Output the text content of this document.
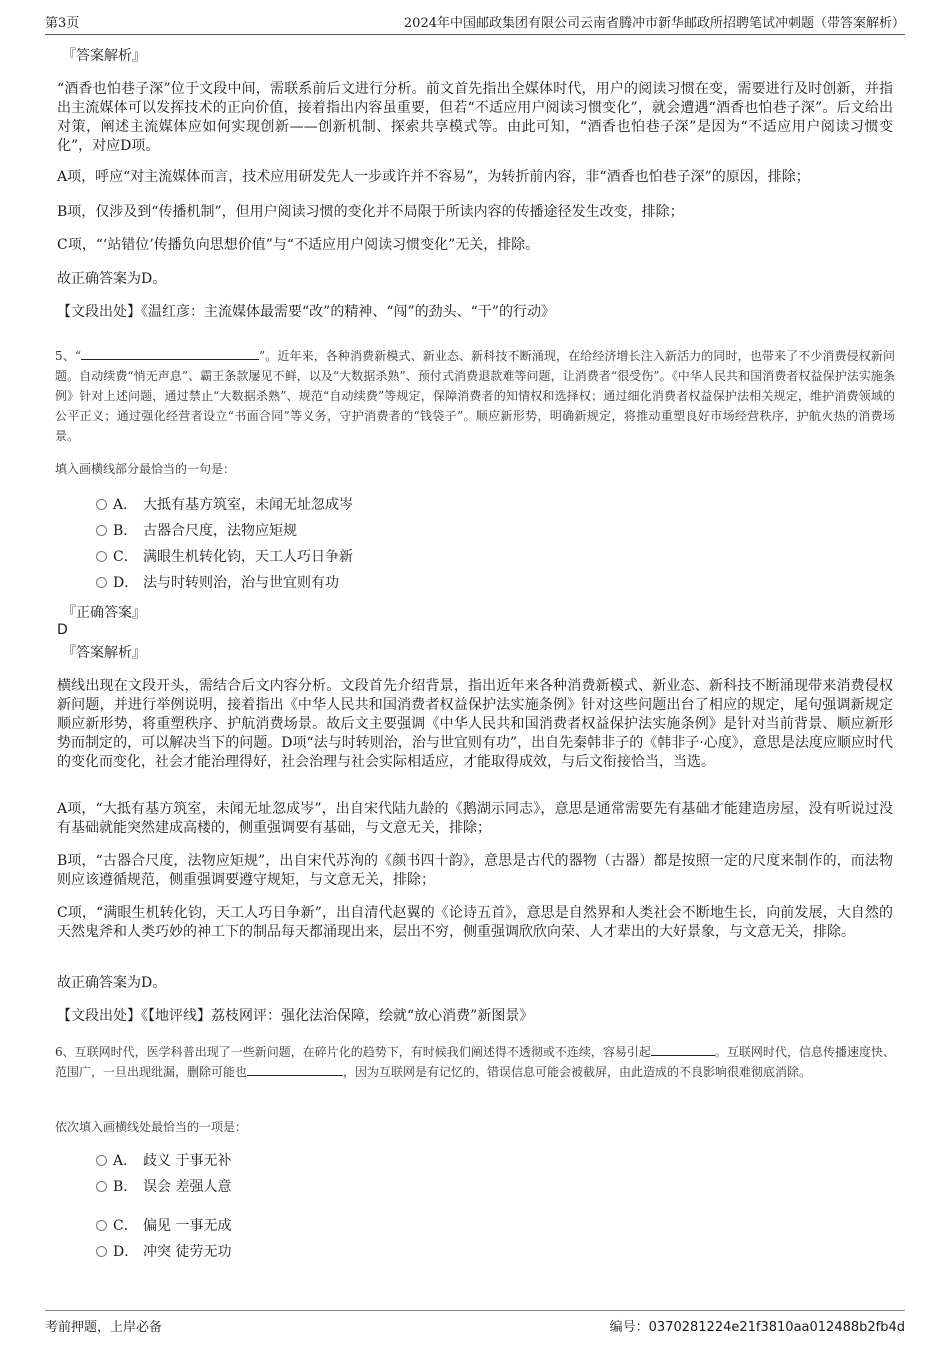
第3页	2024年中国邮政集团有限公司云南省腾冲市新华邮政所招聘笔试冲刺题（带答案解析）

『答案解析』

“酒香也怕巷子深”位于文段中间，需联系前后文进行分析。前文首先指出全媒体时代，用户的阅读习惯在变，需要进行及时创新，并指出主流媒体可以发挥技术的正向价值，接着指出内容虽重要，但若“不适应用户阅读习惯变化”，就会遭遇“酒香也怕巷子深”。后文给出对策，阐述主流媒体应如何实现创新——创新机制、探索共享模式等。由此可知，“酒香也怕巷子深”是因为“不适应用户阅读习惯变化”，对应D项。

A项，呼应“对主流媒体而言，技术应用研发先人一步或许并不容易”，为转折前内容，非“酒香也怕巷子深”的原因，排除；

B项，仅涉及到“传播机制”，但用户阅读习惯的变化并不局限于所读内容的传播途径发生改变，排除；

C项，“‘站错位’传播负向思想价值”与“不适应用户阅读习惯变化”无关，排除。

故正确答案为D。

【文段出处】《温红彦：主流媒体最需要“改”的精神、“闯”的劲头、“干”的行动》

5、“	”。近年来，各种消费新模式、新业态、新科技不断涌现，在给经济增长注入新活力的同时，也带来了不少消费侵权新问题。自动续费“悄无声息”、霸王条款屡见不鲜，以及“大数据杀熟”、预付式消费退款难等问题，让消费者“很受伤”。《中华人民共和国消费者权益保护法实施条例》针对上述问题，通过禁止“大数据杀熟”、规范“自动续费”等规定，保障消费者的知情权和选择权；通过细化消费者权益保护法相关规定，维护消费领域的公平正义；通过强化经营者设立“书面合同”等义务，守护消费者的“钱袋子”。顺应新形势，明确新规定，将推动重塑良好市场经营秩序，护航火热的消费场景。

填入画横线部分最恰当的一句是：

A． 大抵有基方筑室，未闻无址忽成岑
B． 古器合尺度，法物应矩规
C． 满眼生机转化钧，天工人巧日争新
D． 法与时转则治，治与世宜则有功

『正确答案』

D

『答案解析』

横线出现在文段开头，需结合后文内容分析。文段首先介绍背景，指出近年来各种消费新模式、新业态、新科技不断涌现带来消费侵权新问题，并进行举例说明，接着指出《中华人民共和国消费者权益保护法实施条例》针对这些问题出台了相应的规定，尾句强调新规定顺应新形势，将重塑秩序、护航消费场景。故后文主要强调《中华人民共和国消费者权益保护法实施条例》是针对当前背景、顺应新形势而制定的，可以解决当下的问题。D项“法与时转则治，治与世宜则有功”，出自先秦韩非子的《韩非子·心度》，意思是法度应顺应时代的变化而变化，社会才能治理得好，社会治理与社会实际相适应，才能取得成效，与后文衔接恰当，当选。

A项，“大抵有基方筑室，未闻无址忽成岑”，出自宋代陆九龄的《鹅湖示同志》，意思是通常需要先有基础才能建造房屋，没有听说过没有基础就能突然建成高楼的，侧重强调要有基础，与文意无关，排除；

B项，“古器合尺度，法物应矩规”，出自宋代苏洵的《颜书四十韵》，意思是古代的器物（古器）都是按照一定的尺度来制作的，而法物则应该遵循规范，侧重强调要遵守规矩，与文意无关，排除；

C项，“满眼生机转化钧，天工人巧日争新”，出自清代赵翼的《论诗五首》，意思是自然界和人类社会不断地生长，向前发展，大自然的天然鬼斧和人类巧妙的神工下的制品每天都涌现出来，层出不穷，侧重强调欣欣向荣、人才辈出的大好景象，与文意无关，排除。

故正确答案为D。

【文段出处】《【地评线】荔枝网评：强化法治保障，绘就“放心消费”新图景》

6、互联网时代，医学科普出现了一些新问题，在碎片化的趋势下，有时候我们阐述得不透彻或不连续，容易引起	。互联网时代，信息传播速度快、范围广，一旦出现纰漏，删除可能也	，因为互联网是有记忆的，错误信息可能会被截屏，由此造成的不良影响很难彻底消除。

依次填入画横线处最恰当的一项是：

A． 歧义 于事无补
B． 误会 差强人意
C． 偏见 一事无成
D． 冲突 徒劳无功
考前押题，上岸必备	编号：0370281224e21f3810aa012488b2fb4d
